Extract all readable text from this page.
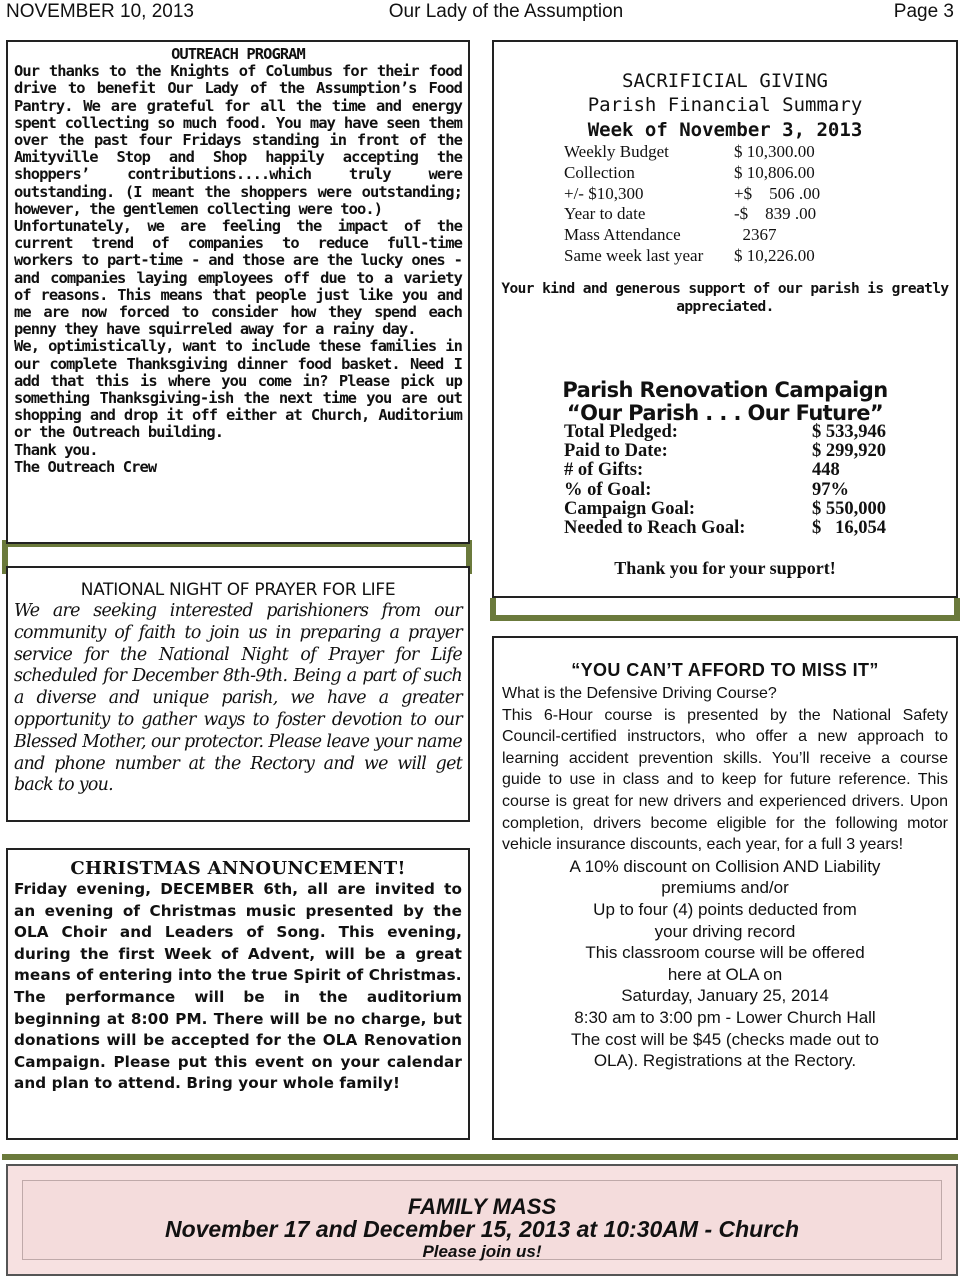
NOVEMBER 10, 2013	Our Lady of the Assumption	Page 3
OUTREACH PROGRAM

Our thanks to the Knights of Columbus for their food drive to benefit Our Lady of the Assumption’s Food Pantry. We are grateful for all the time and energy spent collecting so much food. You may have seen them over the past four Fridays standing in front of the Amityville Stop and Shop happily accepting the shoppers’ contributions....which truly were outstanding. (I meant the shoppers were outstanding; however, the gentlemen collecting were too.)

Unfortunately, we are feeling the impact of the current trend of companies to reduce full-time workers to part-time - and those are the lucky ones - and companies laying employees off due to a variety of reasons. This means that people just like you and me are now forced to consider how they spend each penny they have squirreled away for a rainy day.

We, optimistically, want to include these families in our complete Thanksgiving dinner food basket. Need I add that this is where you come in? Please pick up something Thanksgiving-ish the next time you are out shopping and drop it off either at Church, Auditorium or the Outreach building.

Thank you.

The Outreach Crew

SACRIFICIAL GIVING
Parish Financial Summary
Week of November 3, 2013
Weekly Budget	$ 10,300.00
Collection	$ 10,806.00
+/- $10,300	+$    506 .00
Year to date	-$    839 .00
Mass Attendance	2367
Same week last year $ 10,226.00
Your kind and generous support of our parish is greatly appreciated.
Parish Renovation Campaign
“Our Parish . . . Our Future”
Total Pledged:	$ 533,946
Paid to Date:	$ 299,920
# of Gifts:	448
% of Goal:	97%
Campaign Goal:	$ 550,000
Needed to Reach Goal:	$   16,054
Thank you for your support!
NATIONAL NIGHT OF PRAYER FOR LIFE

We are seeking interested parishioners from our community of faith to join us in preparing a prayer service for the National Night of Prayer for Life scheduled for December 8th-9th. Being a part of such a diverse and unique parish, we have a greater opportunity to gather ways to foster devotion to our Blessed Mother, our protector. Please leave your name and phone number at the Rectory and we will get back to you.

CHRISTMAS ANNOUNCEMENT!

Friday evening, DECEMBER 6th, all are invited to an evening of Christmas music presented by the OLA Choir and Leaders of Song. This evening, during the first Week of Advent, will be a great means of entering into the true Spirit of Christmas.

The performance will be in the auditorium beginning at 8:00 PM. There will be no charge, but donations will be accepted for the OLA Renovation Campaign. Please put this event on your calendar and plan to attend. Bring your whole family!

“YOU CAN’T AFFORD TO MISS IT”

What is the Defensive Driving Course?

This 6-Hour course is presented by the National Safety Council-certified instructors, who offer a new approach to learning accident prevention skills. You’ll receive a course guide to use in class and to keep for future reference. This course is great for new drivers and experienced drivers. Upon completion, drivers become eligible for the following motor vehicle insurance discounts, each year, for a full 3 years!

A 10% discount on Collision AND Liability
premiums and/or
Up to four (4) points deducted from
your driving record
This classroom course will be offered
here at OLA on
Saturday, January 25, 2014
8:30 am to 3:00 pm - Lower Church Hall
The cost will be $45 (checks made out to
OLA). Registrations at the Rectory.
FAMILY MASS
November 17 and December 15, 2013 at 10:30AM - Church
Please join us!
